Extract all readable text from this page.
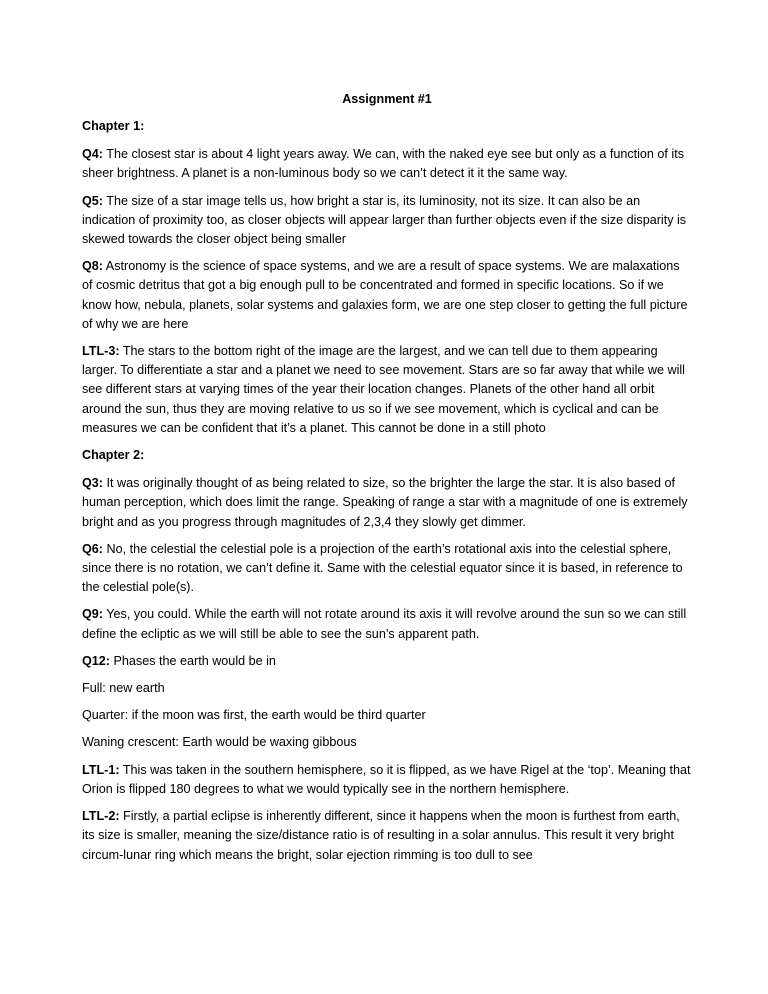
Assignment #1
Chapter 1:

Q4: The closest star is about 4 light years away. We can, with the naked eye see but only as a function of its sheer brightness. A planet is a non-luminous body so we can’t detect it it the same way.

Q5: The size of a star image tells us, how bright a star is, its luminosity, not its size. It can also be an indication of proximity too, as closer objects will appear larger than further objects even if the size disparity is skewed towards the closer object being smaller

Q8: Astronomy is the science of space systems, and we are a result of space systems. We are malaxations of cosmic detritus that got a big enough pull to be concentrated and formed in specific locations. So if we know how, nebula, planets, solar systems and galaxies form, we are one step closer to getting the full picture of why we are here

LTL-3: The stars to the bottom right of the image are the largest, and we can tell due to them appearing larger. To differentiate a star and a planet we need to see movement. Stars are so far away that while we will see different stars at varying times of the year their location changes. Planets of the other hand all orbit around the sun, thus they are moving relative to us so if we see movement, which is cyclical and can be measures we can be confident that it’s a planet. This cannot be done in a still photo

Chapter 2:

Q3: It was originally thought of as being related to size, so the brighter the large the star. It is also based of human perception, which does limit the range. Speaking of range a star with a magnitude of one is extremely bright and as you progress through magnitudes of 2,3,4 they slowly get dimmer.

Q6: No, the celestial the celestial pole is a projection of the earth’s rotational axis into the celestial sphere, since there is no rotation, we can’t define it. Same with the celestial equator since it is based, in reference to the celestial pole(s).

Q9: Yes, you could. While the earth will not rotate around its axis it will revolve around the sun so we can still define the ecliptic as we will still be able to see the sun’s apparent path.

Q12: Phases the earth would be in

Full: new earth

Quarter: if the moon was first, the earth would be third quarter

Waning crescent: Earth would be waxing gibbous

LTL-1: This was taken in the southern hemisphere, so it is flipped, as we have Rigel at the ‘top’. Meaning that Orion is flipped 180 degrees to what we would typically see in the northern hemisphere.

LTL-2: Firstly, a partial eclipse is inherently different, since it happens when the moon is furthest from earth, its size is smaller, meaning the size/distance ratio is of resulting in a solar annulus. This result it very bright circum-lunar ring which means the bright, solar ejection rimming is too dull to see
